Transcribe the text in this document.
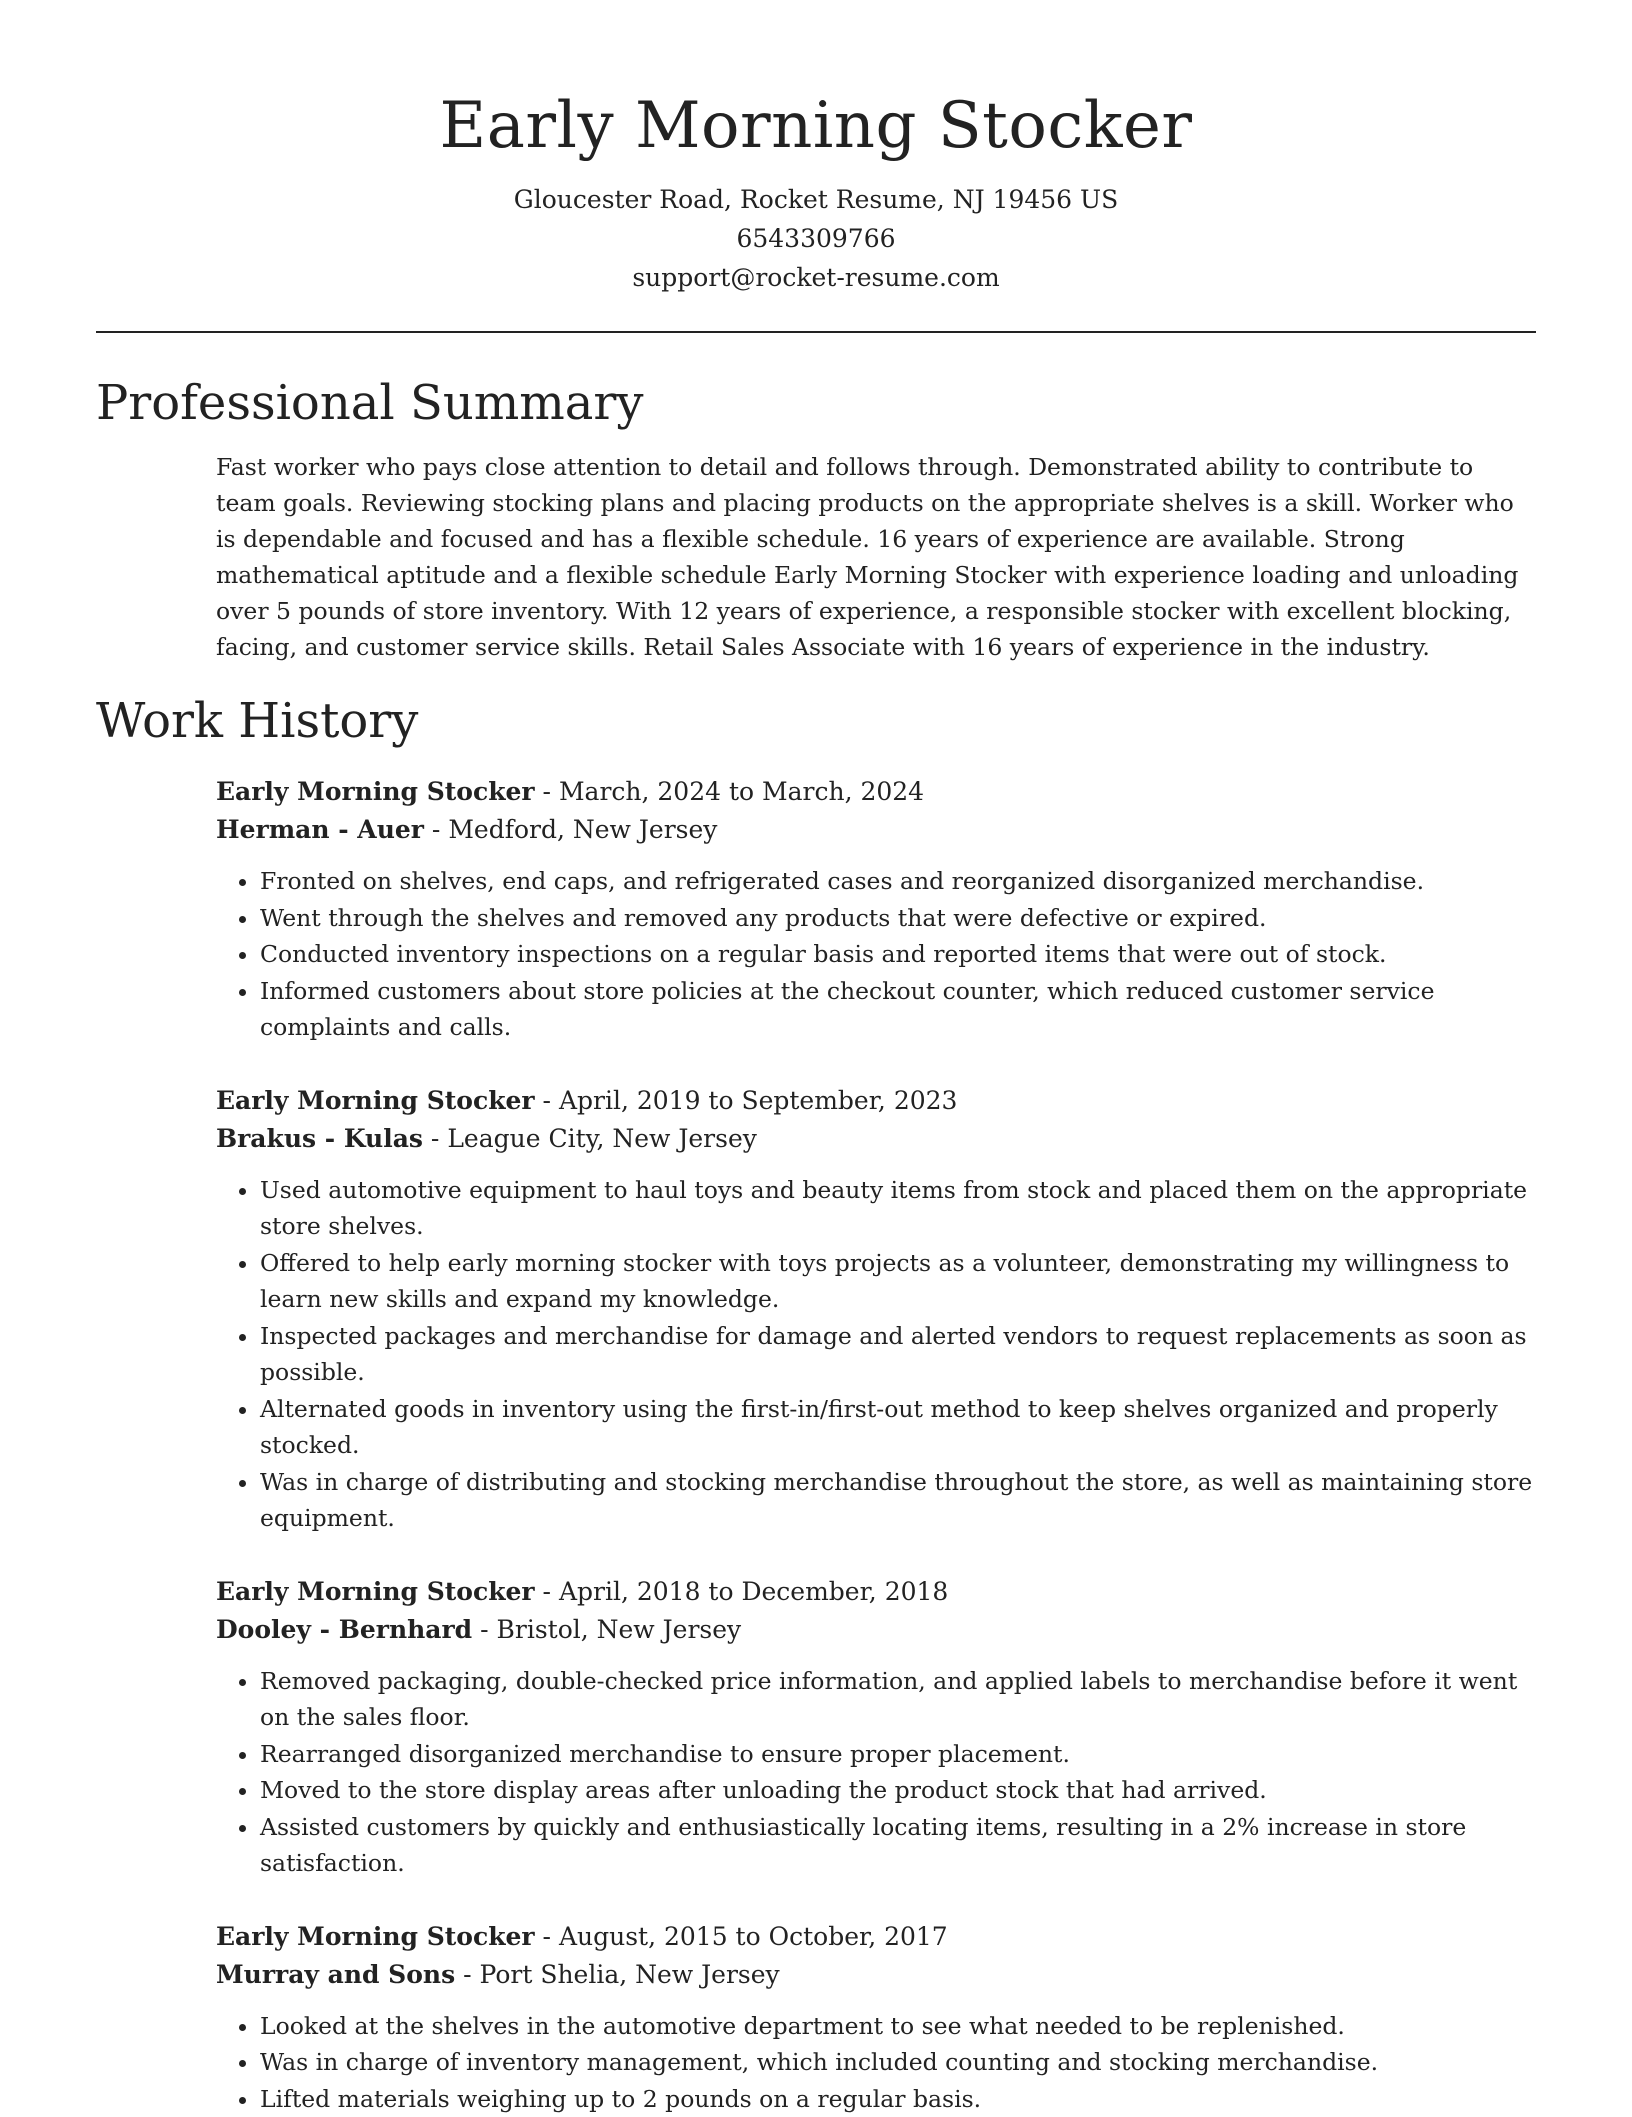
Early Morning Stocker
Gloucester Road, Rocket Resume, NJ 19456 US
6543309766
support@rocket-resume.com
Professional Summary
Fast worker who pays close attention to detail and follows through. Demonstrated ability to contribute to team goals. Reviewing stocking plans and placing products on the appropriate shelves is a skill. Worker who is dependable and focused and has a flexible schedule. 16 years of experience are available. Strong mathematical aptitude and a flexible schedule Early Morning Stocker with experience loading and unloading over 5 pounds of store inventory. With 12 years of experience, a responsible stocker with excellent blocking, facing, and customer service skills. Retail Sales Associate with 16 years of experience in the industry.
Work History
Early Morning Stocker - March, 2024 to March, 2024
Herman - Auer - Medford, New Jersey
• Fronted on shelves, end caps, and refrigerated cases and reorganized disorganized merchandise.
• Went through the shelves and removed any products that were defective or expired.
• Conducted inventory inspections on a regular basis and reported items that were out of stock.
• Informed customers about store policies at the checkout counter, which reduced customer service complaints and calls.
Early Morning Stocker - April, 2019 to September, 2023
Brakus - Kulas - League City, New Jersey
• Used automotive equipment to haul toys and beauty items from stock and placed them on the appropriate store shelves.
• Offered to help early morning stocker with toys projects as a volunteer, demonstrating my willingness to learn new skills and expand my knowledge.
• Inspected packages and merchandise for damage and alerted vendors to request replacements as soon as possible.
• Alternated goods in inventory using the first-in/first-out method to keep shelves organized and properly stocked.
• Was in charge of distributing and stocking merchandise throughout the store, as well as maintaining store equipment.
Early Morning Stocker - April, 2018 to December, 2018
Dooley - Bernhard - Bristol, New Jersey
• Removed packaging, double-checked price information, and applied labels to merchandise before it went on the sales floor.
• Rearranged disorganized merchandise to ensure proper placement.
• Moved to the store display areas after unloading the product stock that had arrived.
• Assisted customers by quickly and enthusiastically locating items, resulting in a 2% increase in store satisfaction.
Early Morning Stocker - August, 2015 to October, 2017
Murray and Sons - Port Shelia, New Jersey
• Looked at the shelves in the automotive department to see what needed to be replenished.
• Was in charge of inventory management, which included counting and stocking merchandise.
• Lifted materials weighing up to 2 pounds on a regular basis.
